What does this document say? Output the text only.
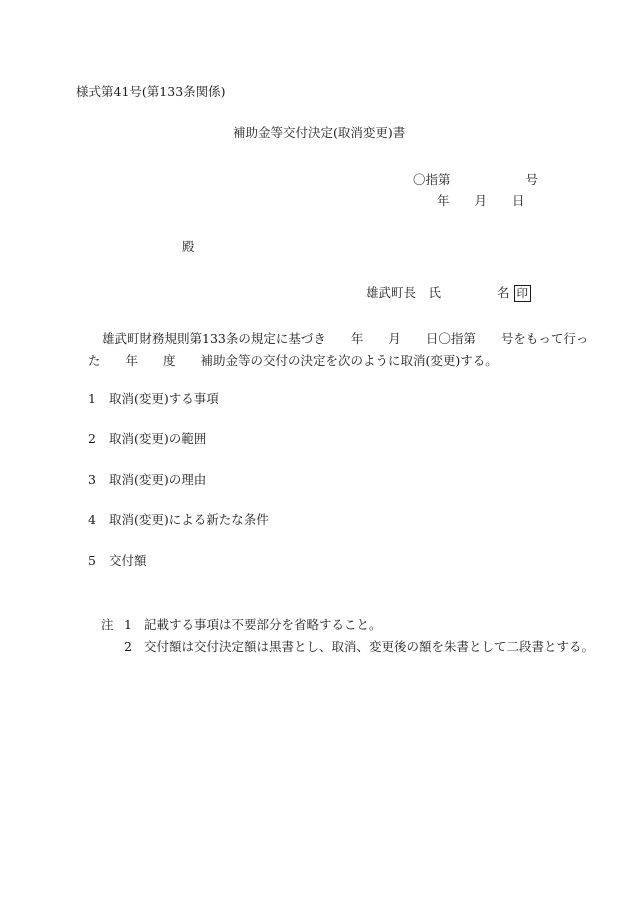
様式第41号(第133条関係)
補助金等交付決定(取消変更)書
〇指第　　　　　　号
年　　月　　日
殿
雄武町長　氏	名 印
雄武町財務規則第133条の規定に基づき　　年　　月　　日〇指第　　号をもって行っ
た　　年　　度　　補助金等の交付の決定を次のように取消(変更)する。
1 取消(変更)する事項
2 取消(変更)の範囲
3 取消(変更)の理由
4 取消(変更)による新たな条件
5 交付額
注 1 記載する事項は不要部分を省略すること。
2 交付額は交付決定額は黒書とし、取消、変更後の額を朱書として二段書とする。
